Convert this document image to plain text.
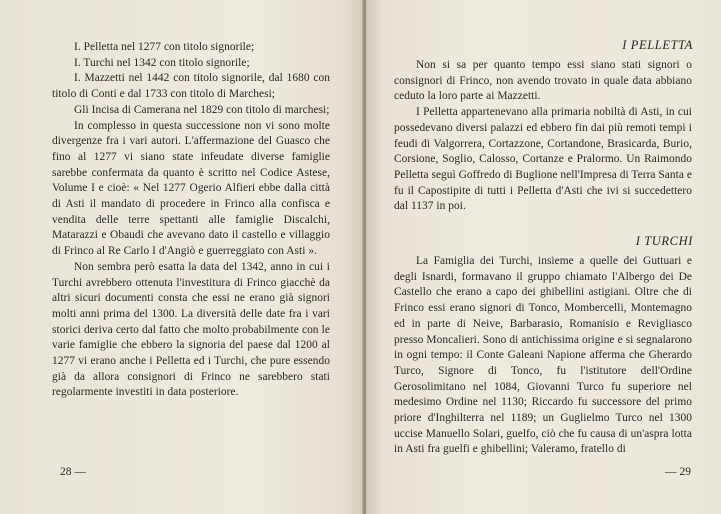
I. Pelletta nel 1277 con titolo signorile;

I. Turchi nel 1342 con titolo signorile;

I. Mazzetti nel 1442 con titolo signorile, dal 1680 con titolo di Conti e dal 1733 con titolo di Marchesi;

Gli Incisa di Camerana nel 1829 con titolo di marchesi;

In complesso in questa successione non vi sono molte divergenze fra i vari autori. L'affermazione del Guasco che fino al 1277 vi siano state infeudate diverse famiglie sarebbe confermata da quanto è scritto nel Codice Astese, Volume I e cioè: « Nel 1277 Ogerio Alfieri ebbe dalla città di Asti il mandato di procedere in Frinco alla confisca e vendita delle terre spettanti alle famiglie Discalchi, Matarazzi e Obaudi che avevano dato il castello e villaggio di Frinco al Re Carlo I d'Angiò e guerreggiato con Asti ».

Non sembra però esatta la data del 1342, anno in cui i Turchi avrebbero ottenuta l'investitura di Frinco giacchè da altri sicuri documenti consta che essi ne erano già signori molti anni prima del 1300. La diversità delle date fra i vari storici deriva certo dal fatto che molto probabilmente con le varie famiglie che ebbero la signoria del paese dal 1200 al 1277 vi erano anche i Pelletta ed i Turchi, che pure essendo già da allora consignori di Frinco ne sarebbero stati regolarmente investiti in data posteriore.

28 —
I PELLETTA

Non si sa per quanto tempo essi siano stati signori o consignori di Frinco, non avendo trovato in quale data abbiano ceduto la loro parte ai Mazzetti.

I Pelletta appartenevano alla primaria nobiltà di Asti, in cui possedevano diversi palazzi ed ebbero fin dai più remoti tempi i feudi di Valgorrera, Cortazzone, Cortandone, Brasicarda, Burio, Corsione, Soglio, Calosso, Cortanze e Pralormo. Un Raimondo Pelletta seguì Goffredo di Buglione nell'Impresa di Terra Santa e fu il Capostipite di tutti i Pelletta d'Asti che ivi si succedettero dal 1137 in poi.

I TURCHI

La Famiglia dei Turchi, insieme a quelle dei Guttuari e degli Isnardi, formavano il gruppo chiamato l'Albergo dei De Castello che erano a capo dei ghibellini astigiani. Oltre che di Frinco essi erano signori di Tonco, Mombercelli, Montemagno ed in parte di Neive, Barbarasio, Romanisio e Revigliasco presso Moncalieri. Sono di antichissima origine e si segnalarono in ogni tempo: il Conte Galeani Napione afferma che Gherardo Turco, Signore di Tonco, fu l'istitutore dell'Ordine Gerosolimitano nel 1084, Giovanni Turco fu superiore nel medesimo Ordine nel 1130; Riccardo fu successore del primo priore d'Inghilterra nel 1189; un Guglielmo Turco nel 1300 uccise Manuello Solari, guelfo, ciò che fu causa di un'aspra lotta in Asti fra guelfi e ghibellini; Valeramo, fratello di

— 29
